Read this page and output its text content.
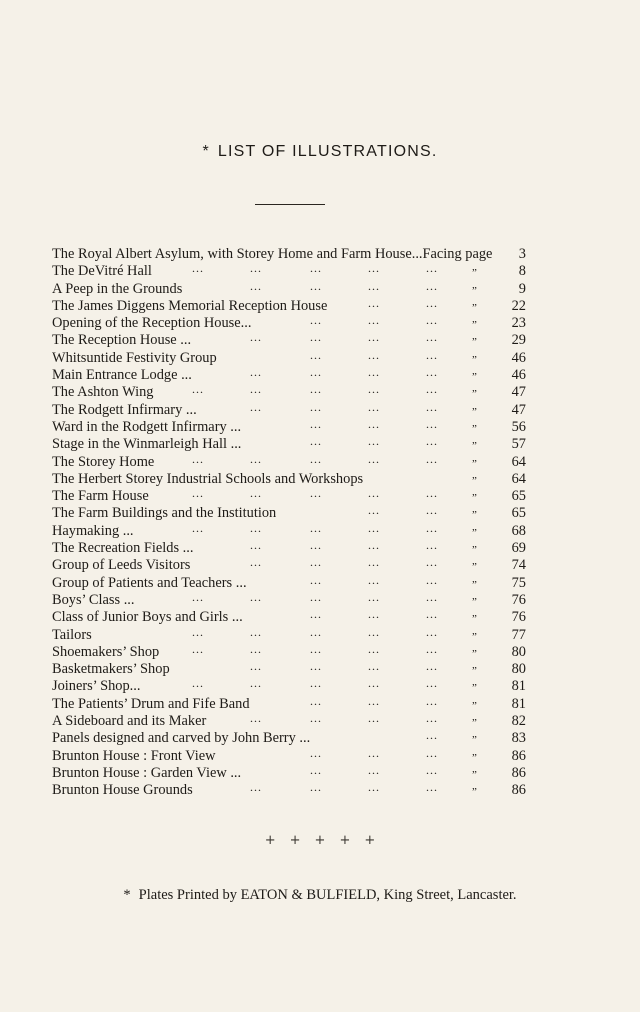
* LIST OF ILLUSTRATIONS.
The Royal Albert Asylum, with Storey Home and Farm House...Facing page 3
The DeVitré Hall	...	...	...	...	...	”	8
A Peep in the Grounds	...	...	...	...	”	9
The James Diggens Memorial Reception House	...	...	” 22
Opening of the Reception House...	...	...	...	” 23
The Reception House ...	...	...	...	...	” 29
Whitsuntide Festivity Group	...	...	...	” 46
Main Entrance Lodge ...	...	...	...	...	” 46
The Ashton Wing	...	...	...	...	...	” 47
The Rodgett Infirmary ...	...	...	...	...	” 47
Ward in the Rodgett Infirmary ...	...	...	...	” 56
Stage in the Winmarleigh Hall ...	...	...	...	” 57
The Storey Home	...	...	...	...	...	” 64
The Herbert Storey Industrial Schools and Workshops	” 64
The Farm House	...	...	...	...	...	” 65
The Farm Buildings and the Institution	...	...	” 65
Haymaking ...	...	...	...	...	...	” 68
The Recreation Fields ...	...	...	...	...	” 69
Group of Leeds Visitors	...	...	...	...	” 74
Group of Patients and Teachers ...	...	...	...	” 75
Boys’ Class ...	...	...	...	...	...	” 76
Class of Junior Boys and Girls ...	...	...	...	” 76
Tailors	...	...	...	...	...	” 77
Shoemakers’ Shop	...	...	...	...	...	” 80
Basketmakers’ Shop	...	...	...	...	” 80
Joiners’ Shop...	...	...	...	...	...	” 81
The Patients’ Drum and Fife Band	...	...	...	” 81
A Sideboard and its Maker	...	...	...	...	” 82
Panels designed and carved by John Berry ...	...	” 83
Brunton House : Front View	...	...	...	” 86
Brunton House : Garden View ...	...	...	...	” 86
Brunton House Grounds	...	...	...	...	” 86
+ + + + +
* Plates Printed by EATON & BULFIELD, King Street, Lancaster.
